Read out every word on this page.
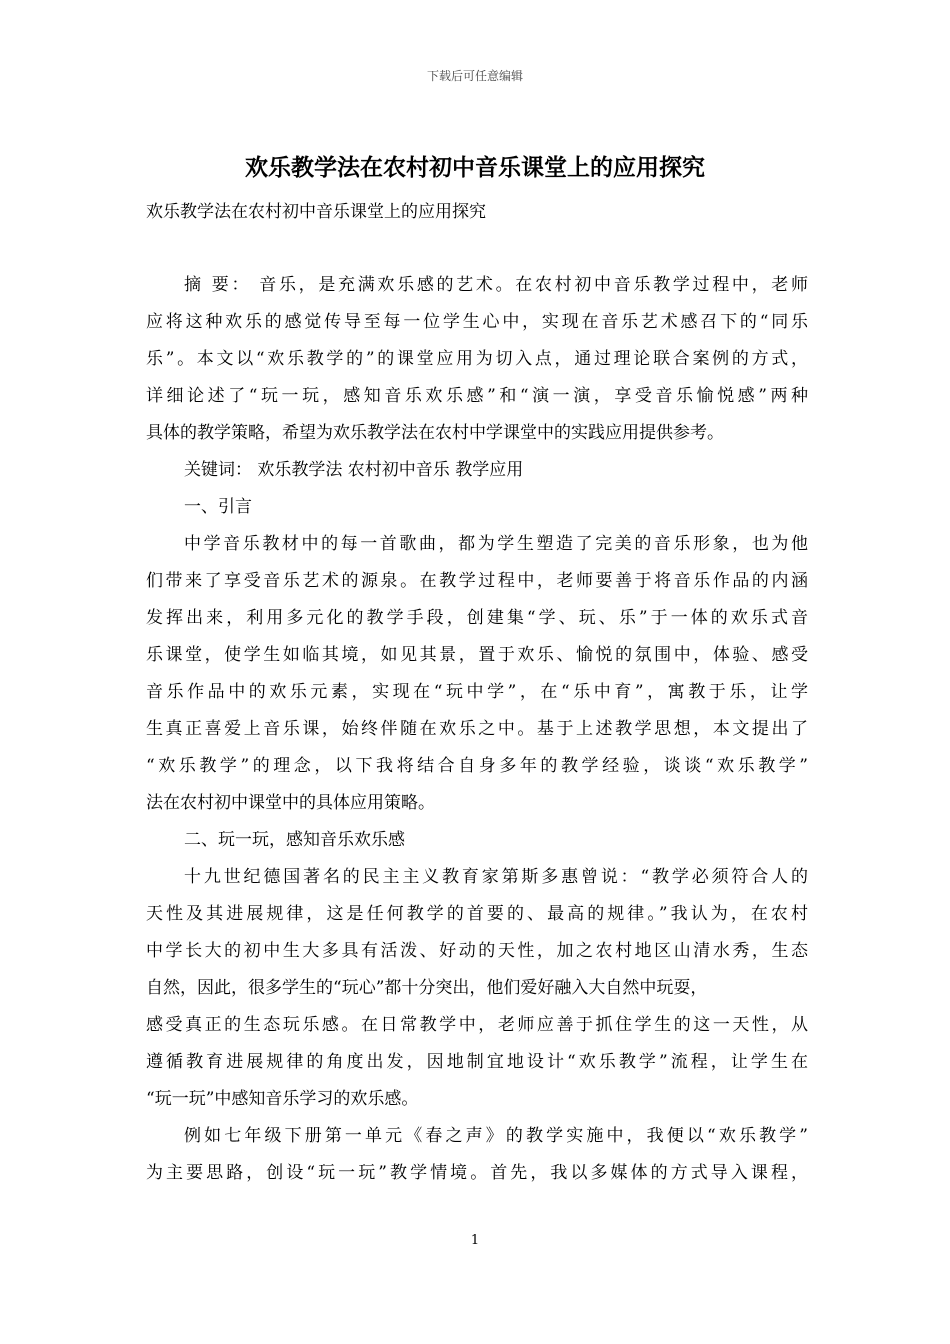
下载后可任意编辑
欢乐教学法在农村初中音乐课堂上的应用探究

欢乐教学法在农村初中音乐课堂上的应用探究

摘 要： 音乐，是充满欢乐感的艺术。在农村初中音乐教学过程中，老师
应将这种欢乐的感觉传导至每一位学生心中，实现在音乐艺术感召下的“同乐
乐”。本文以“欢乐教学的”的课堂应用为切入点，通过理论联合案例的方式，
详细论述了“玩一玩，感知音乐欢乐感”和“演一演，享受音乐愉悦感”两种
具体的教学策略，希望为欢乐教学法在农村中学课堂中的实践应用提供参考。
关键词： 欢乐教学法 农村初中音乐 教学应用
一、引言
中学音乐教材中的每一首歌曲，都为学生塑造了完美的音乐形象，也为他
们带来了享受音乐艺术的源泉。在教学过程中，老师要善于将音乐作品的内涵
发挥出来，利用多元化的教学手段，创建集“学、玩、乐”于一体的欢乐式音
乐课堂，使学生如临其境，如见其景，置于欢乐、愉悦的氛围中，体验、感受
音乐作品中的欢乐元素，实现在“玩中学”，在“乐中育”，寓教于乐，让学
生真正喜爱上音乐课，始终伴随在欢乐之中。基于上述教学思想，本文提出了
“欢乐教学”的理念，以下我将结合自身多年的教学经验，谈谈“欢乐教学”
法在农村初中课堂中的具体应用策略。
二、玩一玩，感知音乐欢乐感
十九世纪德国著名的民主主义教育家第斯多惠曾说：“教学必须符合人的
天性及其进展规律，这是任何教学的首要的、最高的规律。”我认为，在农村
中学长大的初中生大多具有活泼、好动的天性，加之农村地区山清水秀，生态
自然，因此，很多学生的“玩心”都十分突出，他们爱好融入大自然中玩耍，
感受真正的生态玩乐感。在日常教学中，老师应善于抓住学生的这一天性，从
遵循教育进展规律的角度出发，因地制宜地设计“欢乐教学”流程，让学生在
“玩一玩”中感知音乐学习的欢乐感。
例如七年级下册第一单元《春之声》的教学实施中，我便以“欢乐教学”
为主要思路，创设“玩一玩”教学情境。首先，我以多媒体的方式导入课程，
1
